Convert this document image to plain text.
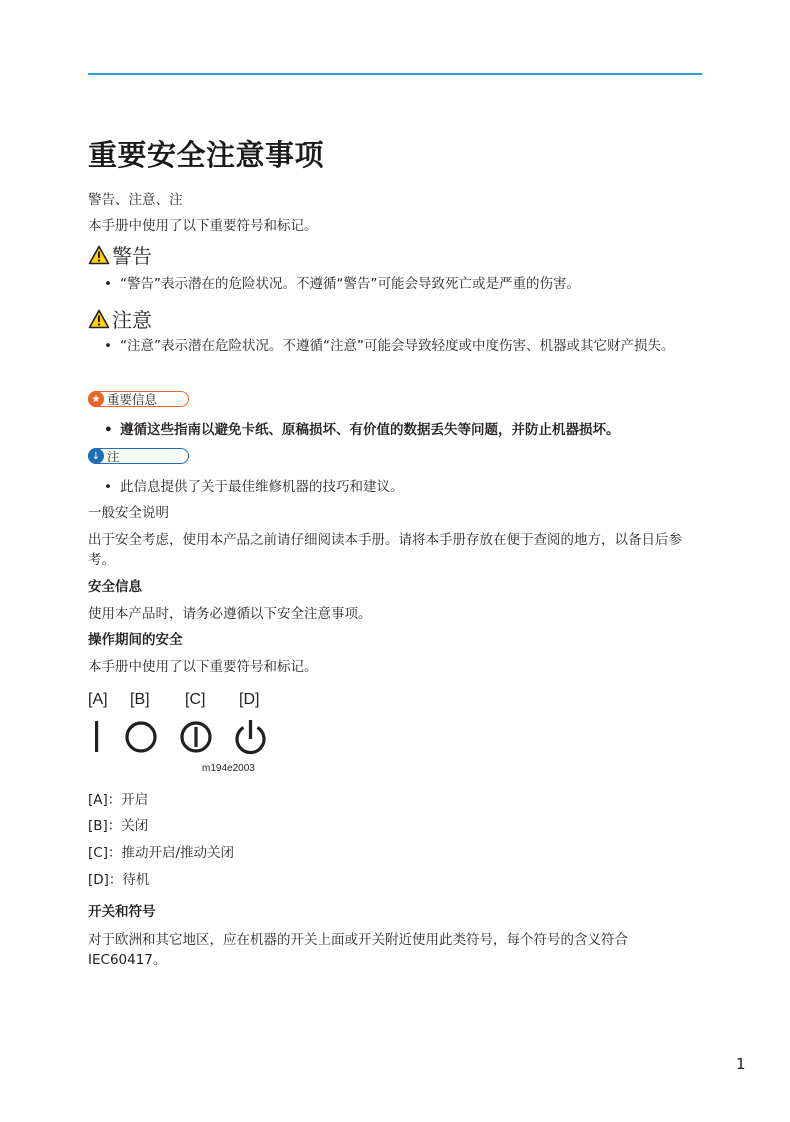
重要安全注意事项
警告、注意、注
本手册中使用了以下重要符号和标记。
警告
• “警告”表示潜在的危险状况。不遵循“警告”可能会导致死亡或是严重的伤害。
注意
• “注意”表示潜在危险状况。不遵循“注意”可能会导致轻度或中度伤害、机器或其它财产损失。
★ 重要信息
• 遵循这些指南以避免卡纸、原稿损坏、有价值的数据丢失等问题，并防止机器损坏。
↓ 注
• 此信息提供了关于最佳维修机器的技巧和建议。
一般安全说明
出于安全考虑，使用本产品之前请仔细阅读本手册。请将本手册存放在便于查阅的地方，以备日后参考。
安全信息
使用本产品时，请务必遵循以下安全注意事项。
操作期间的安全
本手册中使用了以下重要符号和标记。
[A] [B] [C] [D]
m194e2003
[A]：开启
[B]：关闭
[C]：推动开启/推动关闭
[D]：待机
开关和符号
对于欧洲和其它地区，应在机器的开关上面或开关附近使用此类符号，每个符号的含义符合IEC60417。
1
